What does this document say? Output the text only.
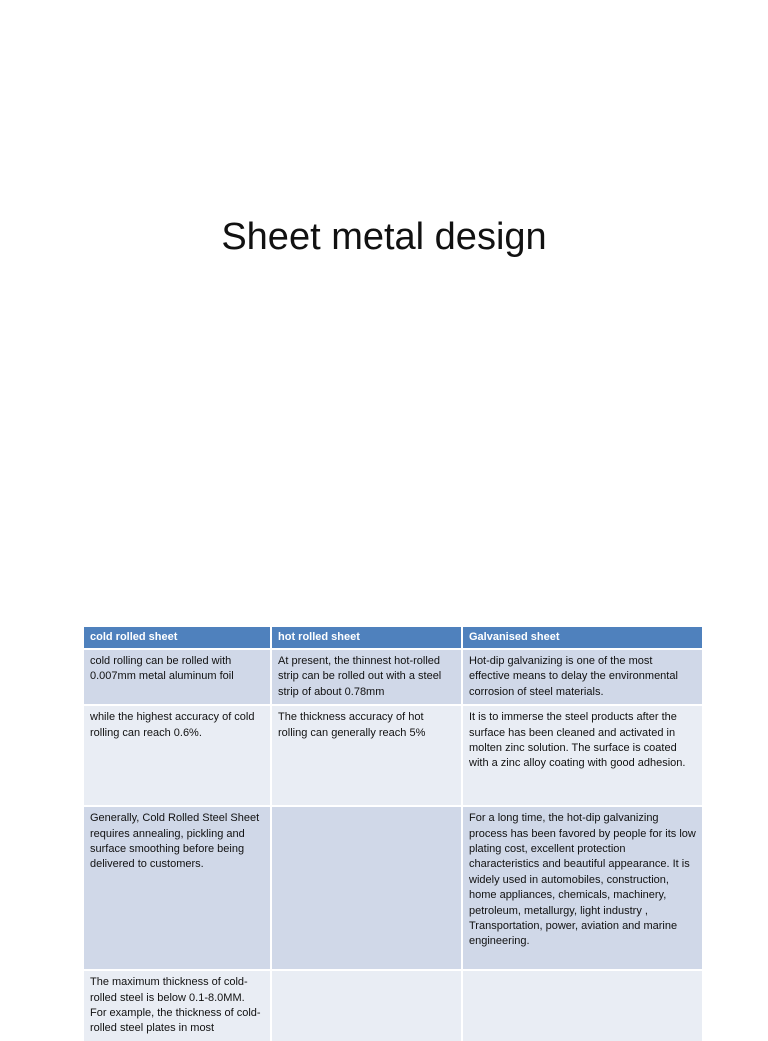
Sheet metal design
cold rolled sheet	hot rolled sheet	Galvanised sheet
cold rolling can be rolled with 0.007mm metal aluminum foil	At present, the thinnest hot-rolled strip can be rolled out with a steel strip of about 0.78mm	Hot-dip galvanizing is one of the most effective means to delay the environmental corrosion of steel materials.
while the highest accuracy of cold rolling can reach 0.6%.	The thickness accuracy of hot rolling can generally reach 5%	It is to immerse the steel products after the surface has been cleaned and activated in molten zinc solution. The surface is coated with a zinc alloy coating with good adhesion.
Generally, Cold Rolled Steel Sheet requires annealing, pickling and surface smoothing before being delivered to customers.		For a long time, the hot-dip galvanizing process has been favored by people for its low plating cost, excellent protection characteristics and beautiful appearance. It is widely used in automobiles, construction, home appliances, chemicals, machinery, petroleum, metallurgy, light industry , Transportation, power, aviation and marine engineering.
The maximum thickness of cold-rolled steel is below 0.1-8.0MM. For example, the thickness of cold-rolled steel plates in most		
